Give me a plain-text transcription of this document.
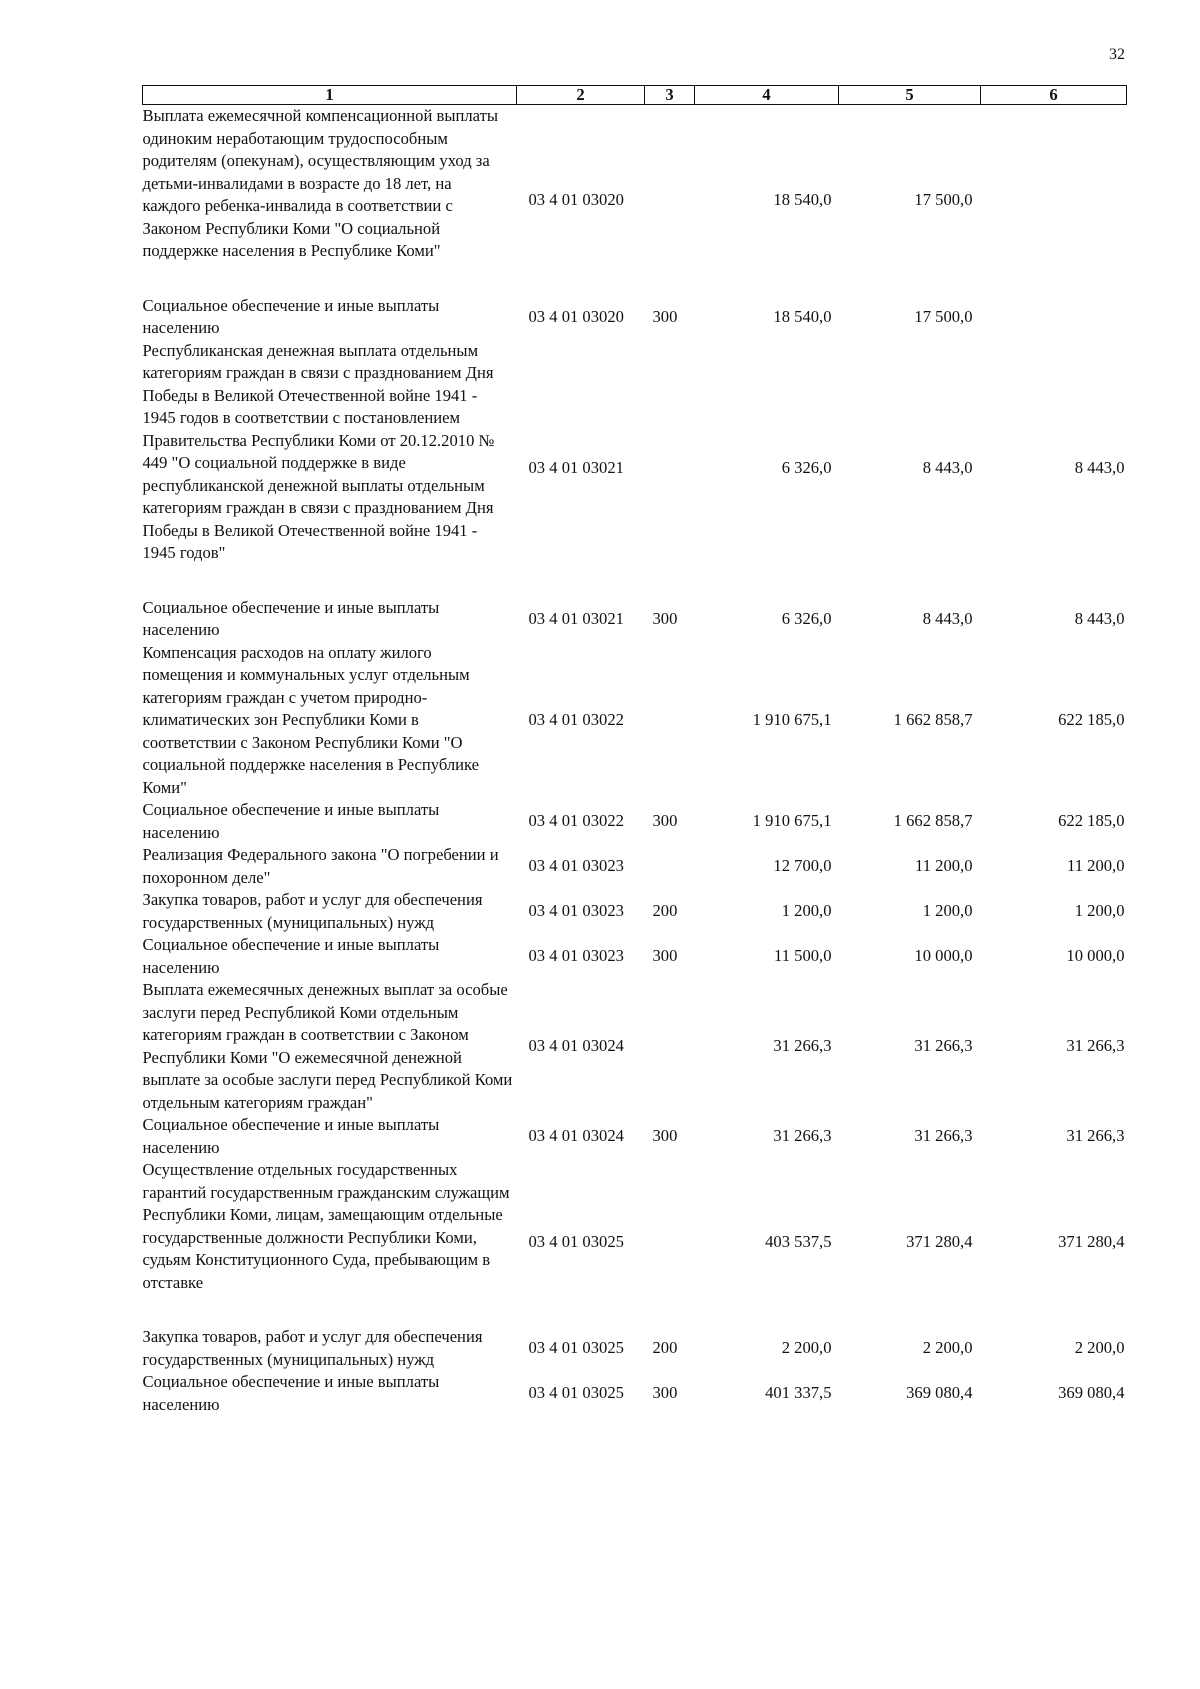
32
1	2	3	4	5	6
Выплата ежемесячной компенсационной выплаты одиноким неработающим трудоспособным родителям (опекунам), осуществляющим уход за детьми-инвалидами в возрасте до 18 лет, на каждого ребенка-инвалида в соответствии с Законом Республики Коми "О социальной поддержке населения в Республике Коми"	03 4 01 03020		18 540,0	17 500,0	
Социальное обеспечение и иные выплаты населению	03 4 01 03020	300	18 540,0	17 500,0	
Республиканская денежная выплата отдельным категориям граждан в связи с празднованием Дня Победы в Великой Отечественной войне 1941 - 1945 годов в соответствии с постановлением Правительства Республики Коми от 20.12.2010 № 449 "О социальной поддержке в виде республиканской денежной выплаты отдельным категориям граждан в связи с празднованием Дня Победы в Великой Отечественной войне 1941 - 1945 годов"	03 4 01 03021		6 326,0	8 443,0	8 443,0
Социальное обеспечение и иные выплаты населению	03 4 01 03021	300	6 326,0	8 443,0	8 443,0
Компенсация расходов на оплату жилого помещения и коммунальных услуг отдельным категориям граждан с учетом природно-климатических зон Республики Коми в соответствии с Законом Республики Коми "О социальной поддержке населения в Республике Коми"	03 4 01 03022		1 910 675,1	1 662 858,7	622 185,0
Социальное обеспечение и иные выплаты населению	03 4 01 03022	300	1 910 675,1	1 662 858,7	622 185,0
Реализация Федерального закона "О погребении и похоронном деле"	03 4 01 03023		12 700,0	11 200,0	11 200,0
Закупка товаров, работ и услуг для обеспечения государственных (муниципальных) нужд	03 4 01 03023	200	1 200,0	1 200,0	1 200,0
Социальное обеспечение и иные выплаты населению	03 4 01 03023	300	11 500,0	10 000,0	10 000,0
Выплата ежемесячных денежных выплат за особые заслуги перед Республикой Коми отдельным категориям граждан в соответствии с Законом Республики Коми "О ежемесячной денежной выплате за особые заслуги перед Республикой Коми отдельным категориям граждан"	03 4 01 03024		31 266,3	31 266,3	31 266,3
Социальное обеспечение и иные выплаты населению	03 4 01 03024	300	31 266,3	31 266,3	31 266,3
Осуществление отдельных государственных гарантий государственным гражданским служащим Республики Коми, лицам, замещающим отдельные государственные должности Республики Коми, судьям Конституционного Суда, пребывающим в отставке	03 4 01 03025		403 537,5	371 280,4	371 280,4
Закупка товаров, работ и услуг для обеспечения государственных (муниципальных) нужд	03 4 01 03025	200	2 200,0	2 200,0	2 200,0
Социальное обеспечение и иные выплаты населению	03 4 01 03025	300	401 337,5	369 080,4	369 080,4
